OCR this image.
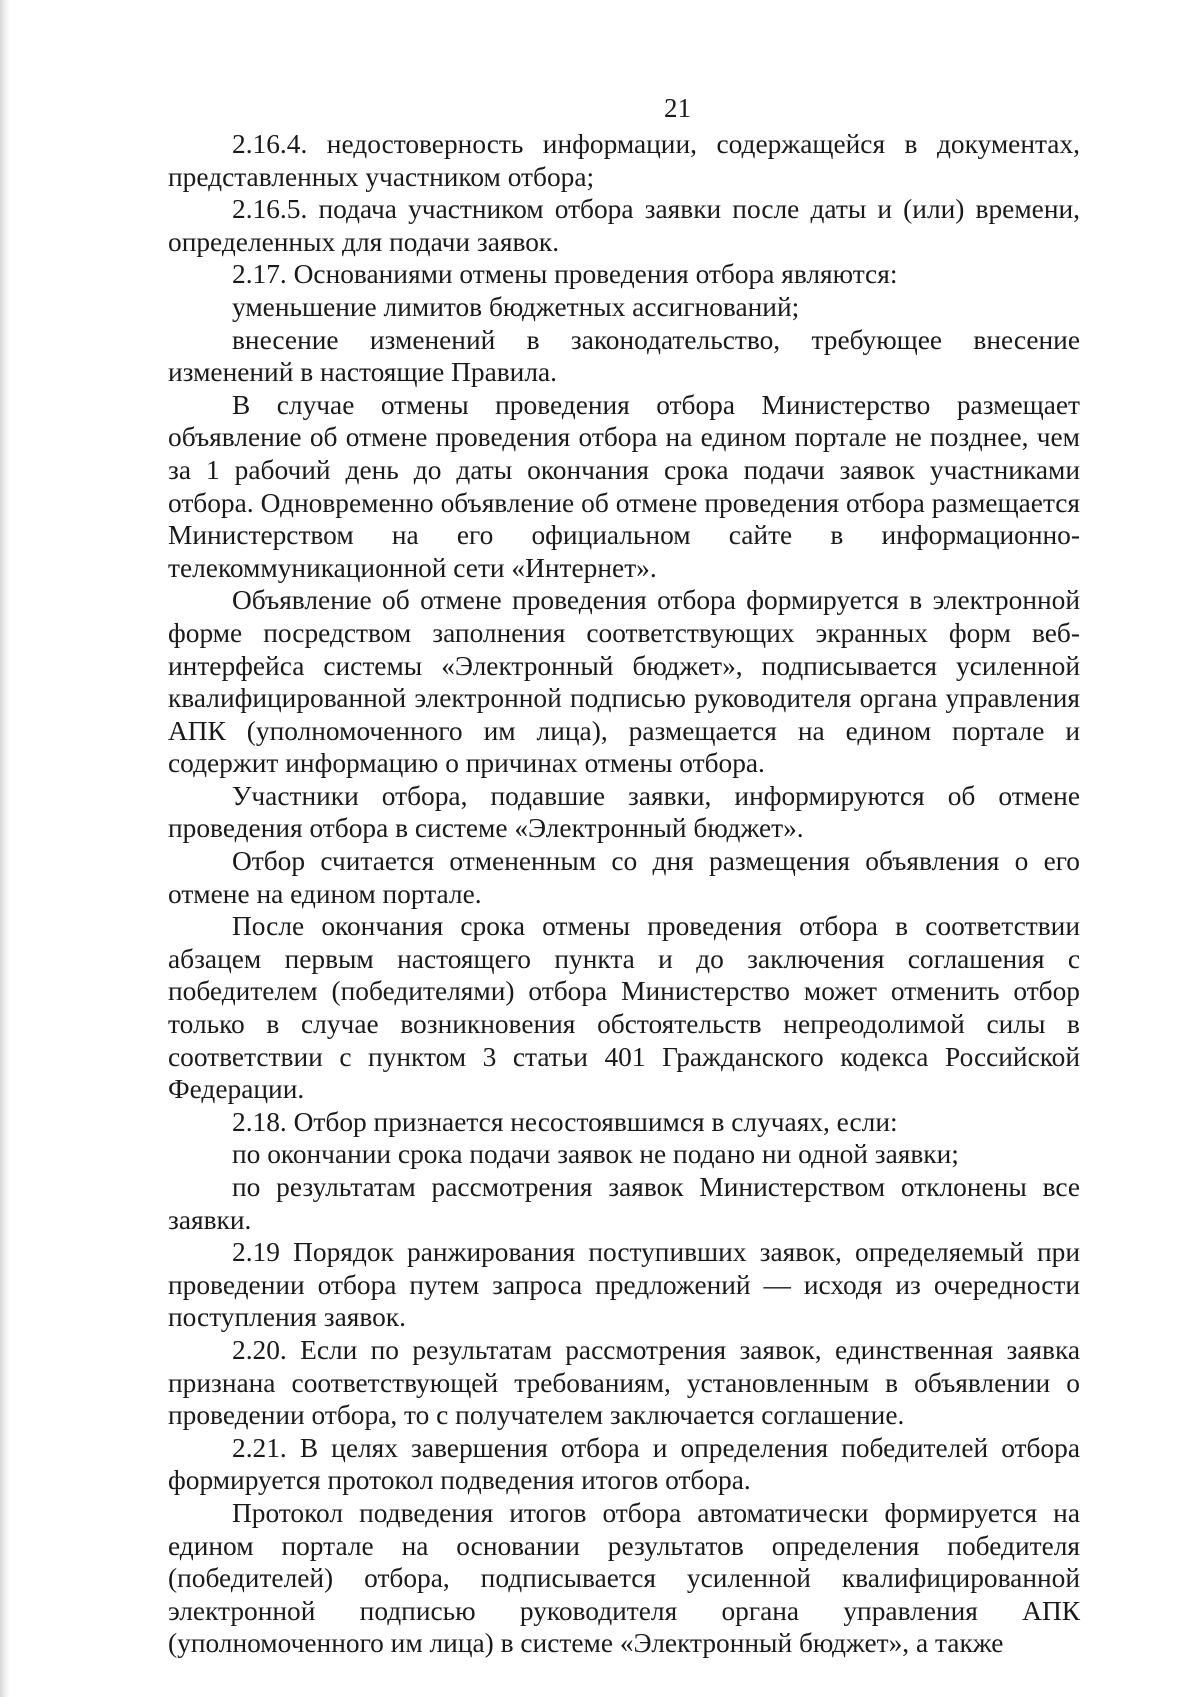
21

2.16.4. недостоверность информации, содержащейся в документах, представленных участником отбора;

2.16.5. подача участником отбора заявки после даты и (или) времени, определенных для подачи заявок.

2.17. Основаниями отмены проведения отбора являются:

уменьшение лимитов бюджетных ассигнований;

внесение изменений в законодательство, требующее внесение изменений в настоящие Правила.

В случае отмены проведения отбора Министерство размещает объявление об отмене проведения отбора на едином портале не позднее, чем за 1 рабочий день до даты окончания срока подачи заявок участниками отбора. Одновременно объявление об отмене проведения отбора размещается Министерством на его официальном сайте в информационно-телекоммуникационной сети «Интернет».

Объявление об отмене проведения отбора формируется в электронной форме посредством заполнения соответствующих экранных форм веб-интерфейса системы «Электронный бюджет», подписывается усиленной квалифицированной электронной подписью руководителя органа управления АПК (уполномоченного им лица), размещается на едином портале и содержит информацию о причинах отмены отбора.

Участники отбора, подавшие заявки, информируются об отмене проведения отбора в системе «Электронный бюджет».

Отбор считается отмененным со дня размещения объявления о его отмене на едином портале.

После окончания срока отмены проведения отбора в соответствии абзацем первым настоящего пункта и до заключения соглашения с победителем (победителями) отбора Министерство может отменить отбор только в случае возникновения обстоятельств непреодолимой силы в соответствии с пунктом 3 статьи 401 Гражданского кодекса Российской Федерации.

2.18. Отбор признается несостоявшимся в случаях, если:

по окончании срока подачи заявок не подано ни одной заявки;

по результатам рассмотрения заявок Министерством отклонены все заявки.

2.19 Порядок ранжирования поступивших заявок, определяемый при проведении отбора путем запроса предложений — исходя из очередности поступления заявок.

2.20. Если по результатам рассмотрения заявок, единственная заявка признана соответствующей требованиям, установленным в объявлении о проведении отбора, то с получателем заключается соглашение.

2.21. В целях завершения отбора и определения победителей отбора формируется протокол подведения итогов отбора.

Протокол подведения итогов отбора автоматически формируется на едином портале на основании результатов определения победителя (победителей) отбора, подписывается усиленной квалифицированной электронной подписью руководителя органа управления АПК (уполномоченного им лица) в системе «Электронный бюджет», а также
